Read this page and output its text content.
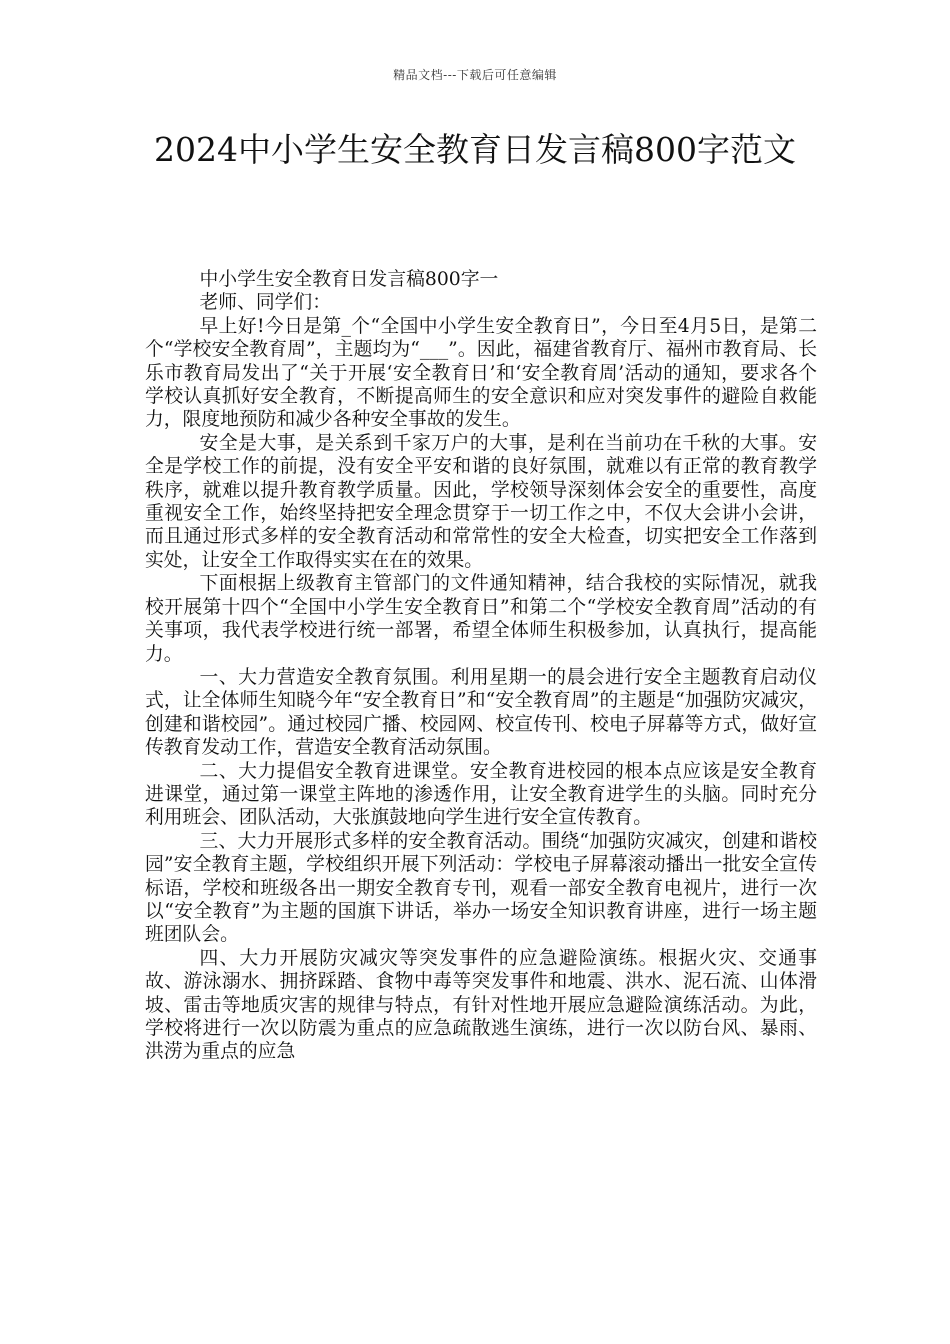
精品文档---下载后可任意编辑
2024中小学生安全教育日发言稿800字范文

中小学生安全教育日发言稿800字一

老师、同学们：

早上好!今日是第_个“全国中小学生安全教育日”，今日至4月5日，是第二个“学校安全教育周”，主题均为“___”。因此，福建省教育厅、福州市教育局、长乐市教育局发出了“关于开展‘安全教育日’和‘安全教育周’活动的通知，要求各个学校认真抓好安全教育，不断提高师生的安全意识和应对突发事件的避险自救能力，限度地预防和减少各种安全事故的发生。

安全是大事，是关系到千家万户的大事，是利在当前功在千秋的大事。安全是学校工作的前提，没有安全平安和谐的良好氛围，就难以有正常的教育教学秩序，就难以提升教育教学质量。因此，学校领导深刻体会安全的重要性，高度重视安全工作，始终坚持把安全理念贯穿于一切工作之中，不仅大会讲小会讲，而且通过形式多样的安全教育活动和常常性的安全大检查，切实把安全工作落到实处，让安全工作取得实实在在的效果。

下面根据上级教育主管部门的文件通知精神，结合我校的实际情况，就我校开展第十四个“全国中小学生安全教育日”和第二个“学校安全教育周”活动的有关事项，我代表学校进行统一部署，希望全体师生积极参加，认真执行，提高能力。

一、大力营造安全教育氛围。利用星期一的晨会进行安全主题教育启动仪式，让全体师生知晓今年“安全教育日”和“安全教育周”的主题是“加强防灾减灾，创建和谐校园”。通过校园广播、校园网、校宣传刊、校电子屏幕等方式，做好宣传教育发动工作，营造安全教育活动氛围。

二、大力提倡安全教育进课堂。安全教育进校园的根本点应该是安全教育进课堂，通过第一课堂主阵地的渗透作用，让安全教育进学生的头脑。同时充分利用班会、团队活动，大张旗鼓地向学生进行安全宣传教育。

三、大力开展形式多样的安全教育活动。围绕“加强防灾减灾，创建和谐校园”安全教育主题，学校组织开展下列活动：学校电子屏幕滚动播出一批安全宣传标语，学校和班级各出一期安全教育专刊，观看一部安全教育电视片，进行一次以“安全教育”为主题的国旗下讲话，举办一场安全知识教育讲座，进行一场主题班团队会。

四、大力开展防灾减灾等突发事件的应急避险演练。根据火灾、交通事故、游泳溺水、拥挤踩踏、食物中毒等突发事件和地震、洪水、泥石流、山体滑坡、雷击等地质灾害的规律与特点，有针对性地开展应急避险演练活动。为此，学校将进行一次以防震为重点的应急疏散逃生演练，进行一次以防台风、暴雨、洪涝为重点的应急
